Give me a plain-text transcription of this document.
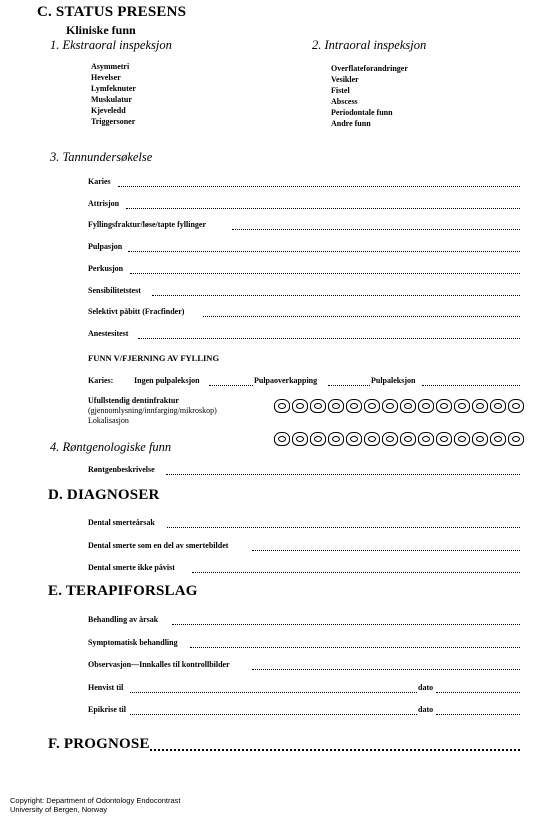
C. STATUS PRESENS
Kliniske funn
1. Ekstraoral inspeksjon
Asymmetri
Hevelser
Lymfeknuter
Muskulatur
Kjeveledd
Triggersoner
2. Intraoral inspeksjon
Overflateforandringer
Vesikler
Fistel
Abscess
Periodontale funn
Andre funn
3. Tannundersøkelse
Karies
Attrisjon
Fyllingsfraktur/løse/tapte fyllinger
Pulpasjon
Perkusjon
Sensibilitetstest
Selektivt påbitt (Fracfinder)
Anestesitest
FUNN V/FJERNING AV FYLLING
Karies:	Ingen pulpaleksjon	Pulpaoverkapping	Pulpaleksjon
Ufullstendig dentinfraktur
(gjennomlysning/innfarging/mikroskop)
Lokalisasjon
4. Røntgenologiske funn
Røntgenbeskrivelse
D. DIAGNOSER
Dental smerteårsak
Dental smerte som en del av smertebildet
Dental smerte ikke påvist
E. TERAPIFORSLAG
Behandling av årsak
Symptomatisk behandling
Observasjon—Innkalles til kontrollbilder
Henvist til	dato
Epikrise til	dato
F. PROGNOSE
Copyright: Department of Odontology Endocontrast
University of Bergen, Norway
